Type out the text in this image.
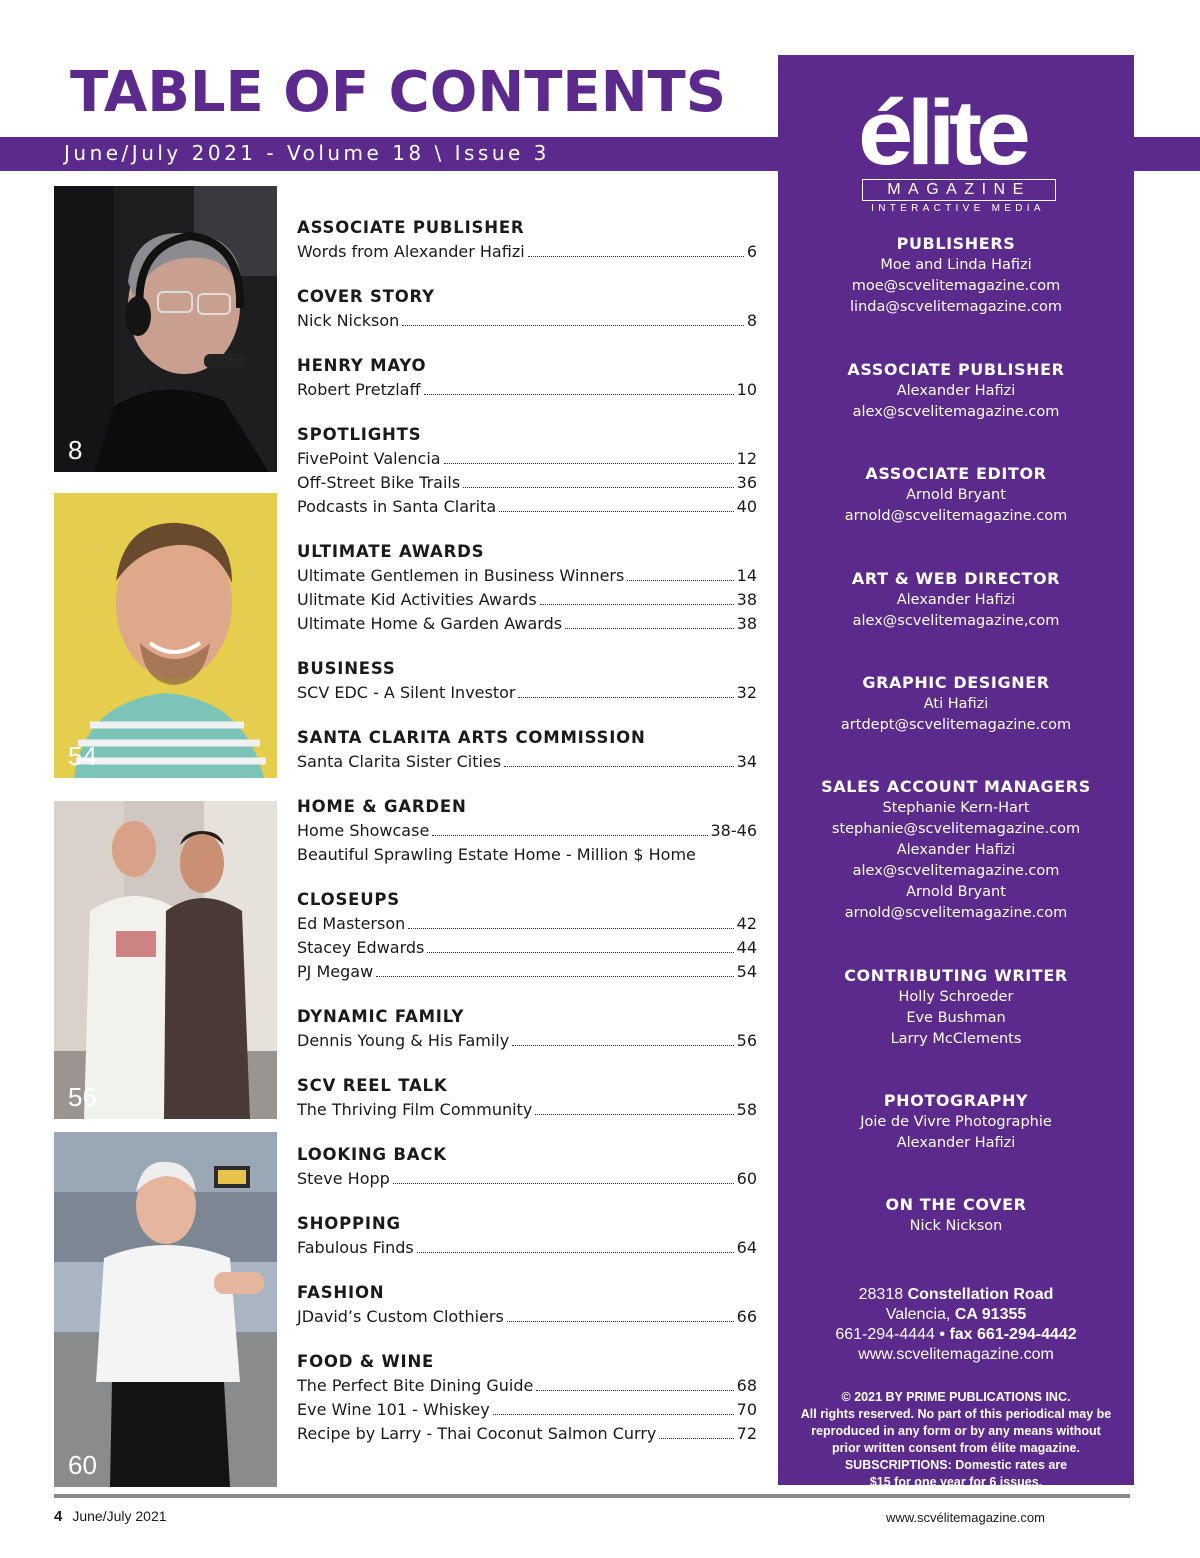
TABLE OF CONTENTS
June/July 2021 - Volume 18 \ Issue 3
8
54
56
60
ASSOCIATE PUBLISHER
Words from Alexander Hafizi	6
COVER STORY
Nick Nickson	8
HENRY MAYO
Robert Pretzlaff	10
SPOTLIGHTS
FivePoint Valencia	12
Off-Street Bike Trails	36
Podcasts in Santa Clarita	40
ULTIMATE AWARDS
Ultimate Gentlemen in Business Winners	14
Ulitmate Kid Activities Awards	38
Ultimate Home & Garden Awards	38
BUSINESS
SCV EDC - A Silent Investor	32
SANTA CLARITA ARTS COMMISSION
Santa Clarita Sister Cities	34
HOME & GARDEN
Home Showcase	38-46
Beautiful Sprawling Estate Home - Million $ Home
CLOSEUPS
Ed Masterson	42
Stacey Edwards	44
PJ Megaw	54
DYNAMIC FAMILY
Dennis Young & His Family	56
SCV REEL TALK
The Thriving Film Community	58
LOOKING BACK
Steve Hopp	60
SHOPPING
Fabulous Finds	64
FASHION
JDavid’s Custom Clothiers	66
FOOD & WINE
The Perfect Bite Dining Guide	68
Eve Wine 101 - Whiskey	70
Recipe by Larry - Thai Coconut Salmon Curry	72
élite
MAGAZINE
INTERACTIVE MEDIA
28318 Constellation Road
Valencia, CA 91355
661-294-4444 • fax 661-294-4442
www.scvelitemagazine.com
© 2021 BY PRIME PUBLICATIONS INC.
All rights reserved. No part of this periodical may be
reproduced in any form or by any means without
prior written consent from élite magazine.
SUBSCRIPTIONS: Domestic rates are
$15 for one year for 6 issues.
PUBLISHERS
Moe and Linda Hafizi
moe@scvelitemagazine.com
linda@scvelitemagazine.com
ASSOCIATE PUBLISHER
Alexander Hafizi
alex@scvelitemagazine.com
ASSOCIATE EDITOR
Arnold Bryant
arnold@scvelitemagazine.com
ART & WEB DIRECTOR
Alexander Hafizi
alex@scvelitemagazine,com
GRAPHIC DESIGNER
Ati Hafizi
artdept@scvelitemagazine.com
SALES ACCOUNT MANAGERS
Stephanie Kern-Hart
stephanie@scvelitemagazine.com
Alexander Hafizi
alex@scvelitemagazine.com
Arnold Bryant
arnold@scvelitemagazine.com
CONTRIBUTING WRITER
Holly Schroeder
Eve Bushman
Larry McClements
PHOTOGRAPHY
Joie de Vivre Photographie
Alexander Hafizi
ON THE COVER
Nick Nickson
4 June/July 2021	www.scvélitemagazine.com
